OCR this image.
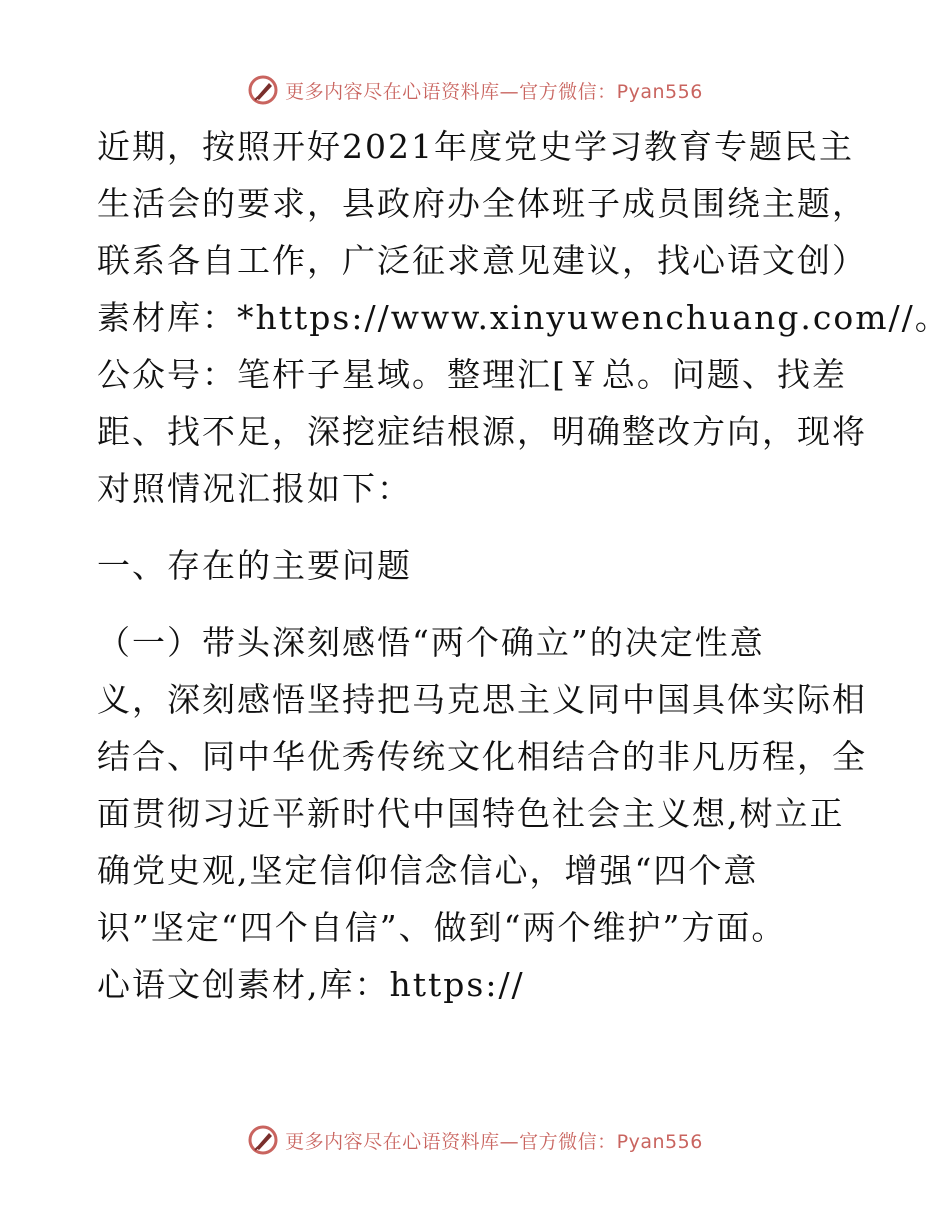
更多内容尽在心语资料库—官方微信：Pyan556
近期，按照开好2021年度党史学习教育专题民主
生活会的要求，县政府办全体班子成员围绕主题，
联系各自工作，广泛征求意见建议，找心语文创）
素材库：*https://www.xinyuwenchuang.com//。
公众号：笔杆子星域。整理汇[￥总。问题、找差
距、找不足，深挖症结根源，明确整改方向，现将
对照情况汇报如下：
一、存在的主要问题
（一）带头深刻感悟“两个确立”的决定性意
义，深刻感悟坚持把马克思主义同中国具体实际相
结合、同中华优秀传统文化相结合的非凡历程，全
面贯彻习近平新时代中国特色社会主义想,树立正
确党史观,坚定信仰信念信心，增强“四个意
识”坚定“四个自信”、做到“两个维护”方面。
心语文创素材,库：https://
更多内容尽在心语资料库—官方微信：Pyan556
